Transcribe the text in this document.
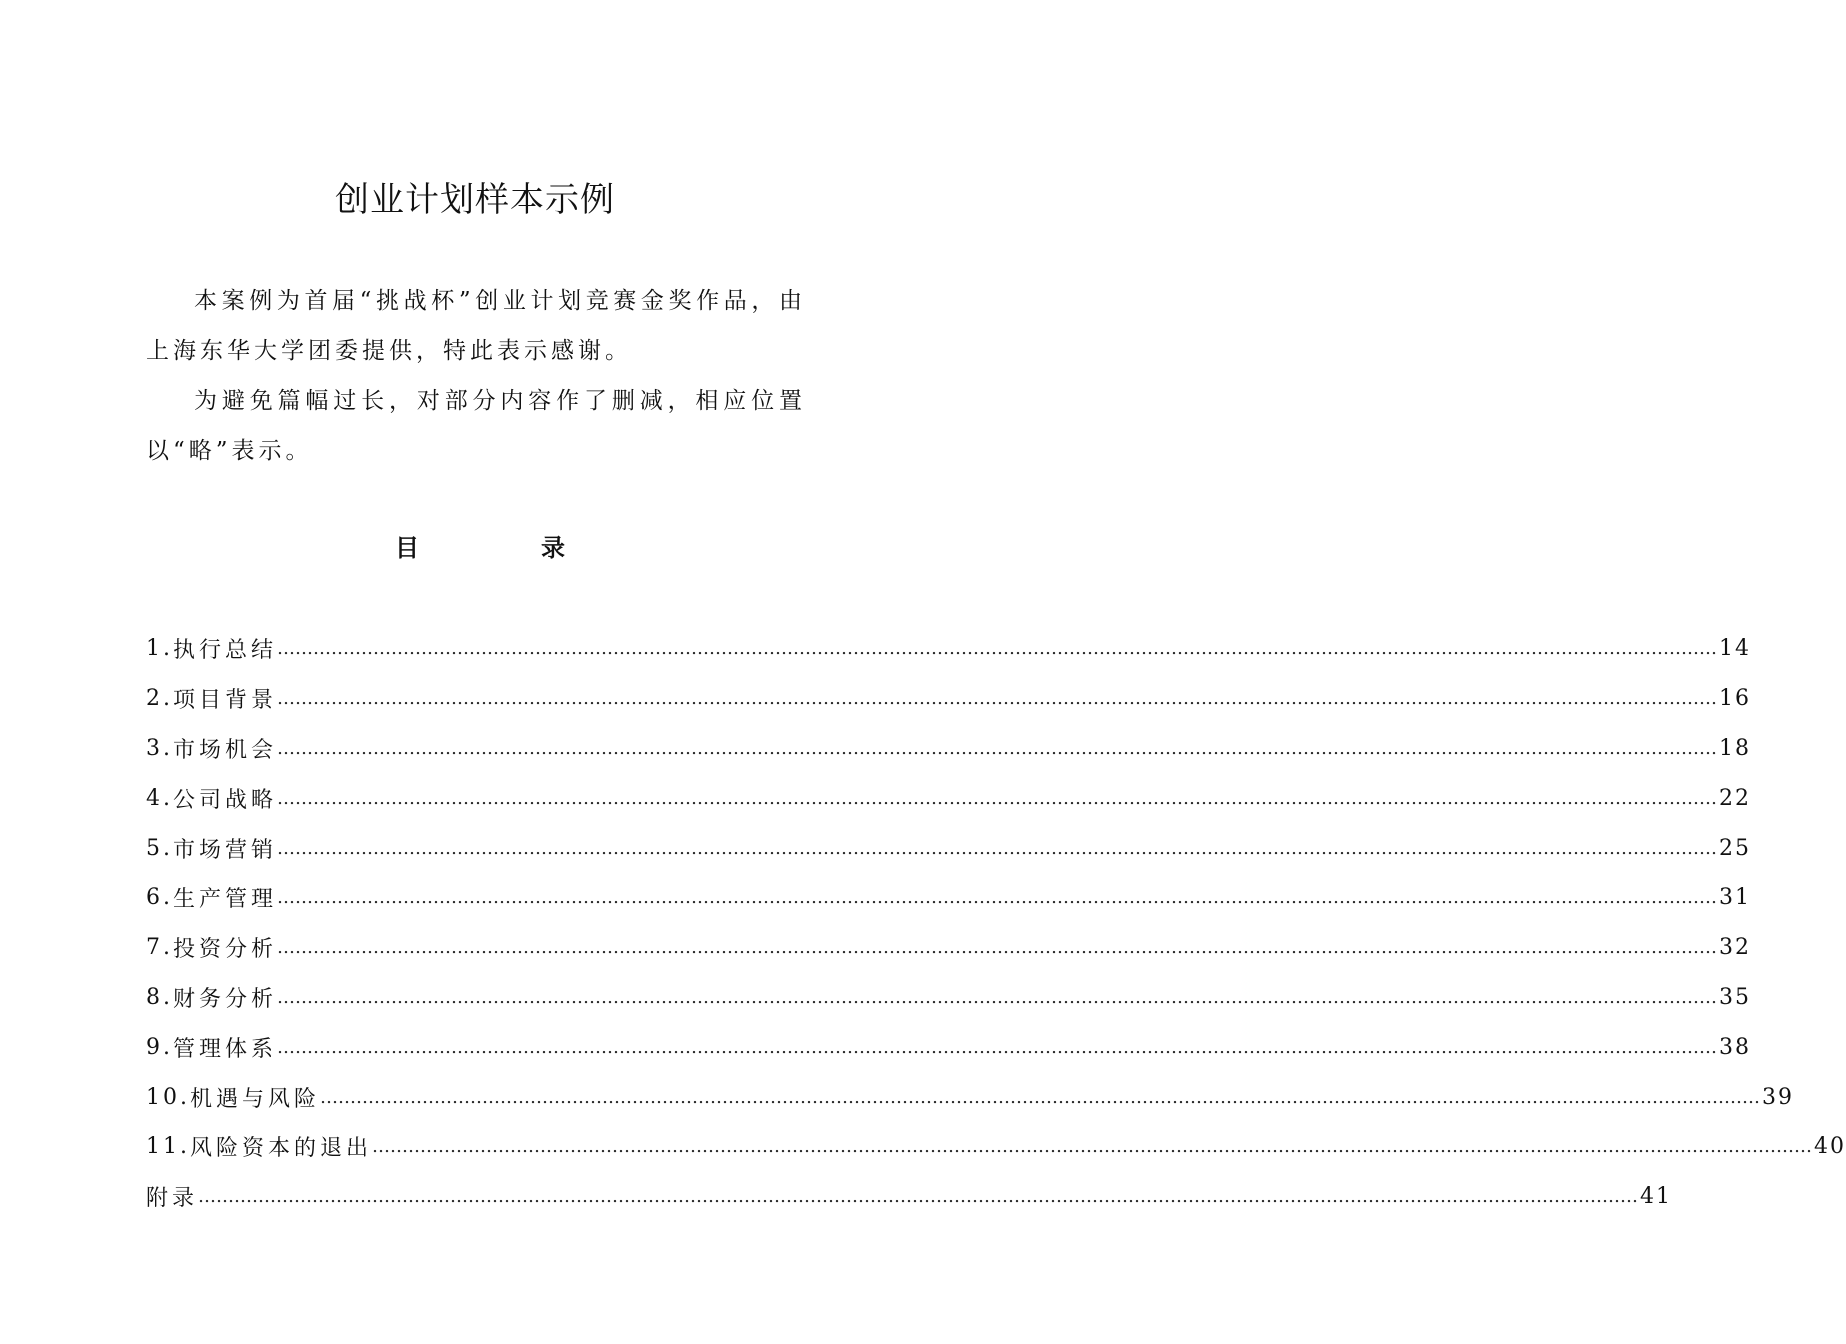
创业计划样本示例

本案例为首届“挑战杯”创业计划竞赛金奖作品，由上海东华大学团委提供，特此表示感谢。

为避免篇幅过长，对部分内容作了删减，相应位置以“略”表示。

目	录
1. 执行总结 …………………………………………………………………………………………………………………………………………………………………………………………………………………… 14
2. 项目背景 …………………………………………………………………………………………………………………………………………………………………………………………………………………… 16
3. 市场机会 …………………………………………………………………………………………………………………………………………………………………………………………………………………… 18
4. 公司战略 …………………………………………………………………………………………………………………………………………………………………………………………………………………… 22
5. 市场营销 …………………………………………………………………………………………………………………………………………………………………………………………………………………… 25
6. 生产管理 …………………………………………………………………………………………………………………………………………………………………………………………………………………… 31
7. 投资分析 …………………………………………………………………………………………………………………………………………………………………………………………………………………… 32
8. 财务分析 …………………………………………………………………………………………………………………………………………………………………………………………………………………… 35
9. 管理体系 …………………………………………………………………………………………………………………………………………………………………………………………………………………… 38
10. 机遇与风险 …………………………………………………………………………………………………………………………………………………………………………………………………………………… 39
11. 风险资本的退出 …………………………………………………………………………………………………………………………………………………………………………………………………………………… 40
附录 …………………………………………………………………………………………………………………………………………………………………………………………………………………… 41
